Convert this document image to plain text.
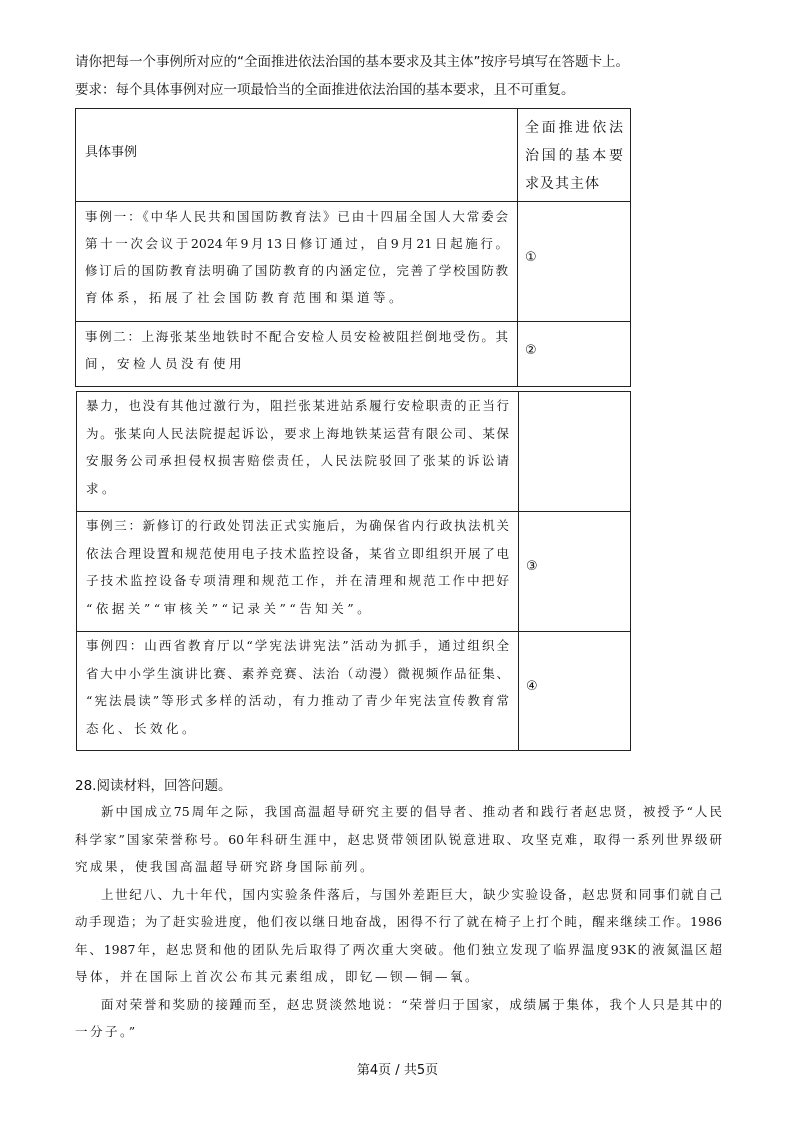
请你把每一个事例所对应的“全面推进依法治国的基本要求及其主体”按序号填写在答题卡上。
要求：每个具体事例对应一项最恰当的全面推进依法治国的基本要求，且不可重复。
具体事例
全面推进依法
治国的基本要
求及其主体
事例一：《中华人民共和国国防教育法》已由十四届全国人大常委会
第十一次会议于2024年9月13日修订通过，自9月21日起施行。
修订后的国防教育法明确了国防教育的内涵定位，完善了学校国防教
育体系，拓展了社会国防教育范围和渠道等。
①
事例二：上海张某坐地铁时不配合安检人员安检被阻拦倒地受伤。其
间，安检人员没有使用
②
暴力，也没有其他过激行为，阻拦张某进站系履行安检职责的正当行
为。张某向人民法院提起诉讼，要求上海地铁某运营有限公司、某保
安服务公司承担侵权损害赔偿责任，人民法院驳回了张某的诉讼请
求。
事例三：新修订的行政处罚法正式实施后，为确保省内行政执法机关
依法合理设置和规范使用电子技术监控设备，某省立即组织开展了电
子技术监控设备专项清理和规范工作，并在清理和规范工作中把好
“依据关”“审核关”“记录关”“告知关”。
③
事例四：山西省教育厅以“学宪法讲宪法”活动为抓手，通过组织全
省大中小学生演讲比赛、素养竞赛、法治（动漫）微视频作品征集、
“宪法晨读”等形式多样的活动，有力推动了青少年宪法宣传教育常
态化、长效化。
④
28.阅读材料，回答问题。
新中国成立75周年之际，我国高温超导研究主要的倡导者、推动者和践行者赵忠贤，被授予“人民
科学家”国家荣誉称号。60年科研生涯中，赵忠贤带领团队锐意进取、攻坚克难，取得一系列世界级研
究成果，使我国高温超导研究跻身国际前列。
上世纪八、九十年代，国内实验条件落后，与国外差距巨大，缺少实验设备，赵忠贤和同事们就自己
动手现造；为了赶实验进度，他们夜以继日地奋战，困得不行了就在椅子上打个盹，醒来继续工作。1986
年、1987年，赵忠贤和他的团队先后取得了两次重大突破。他们独立发现了临界温度93K的液氮温区超
导体，并在国际上首次公布其元素组成，即钇—钡—铜—氧。
面对荣誉和奖励的接踵而至，赵忠贤淡然地说：“荣誉归于国家，成绩属于集体，我个人只是其中的
一分子。”
第4页 / 共5页
